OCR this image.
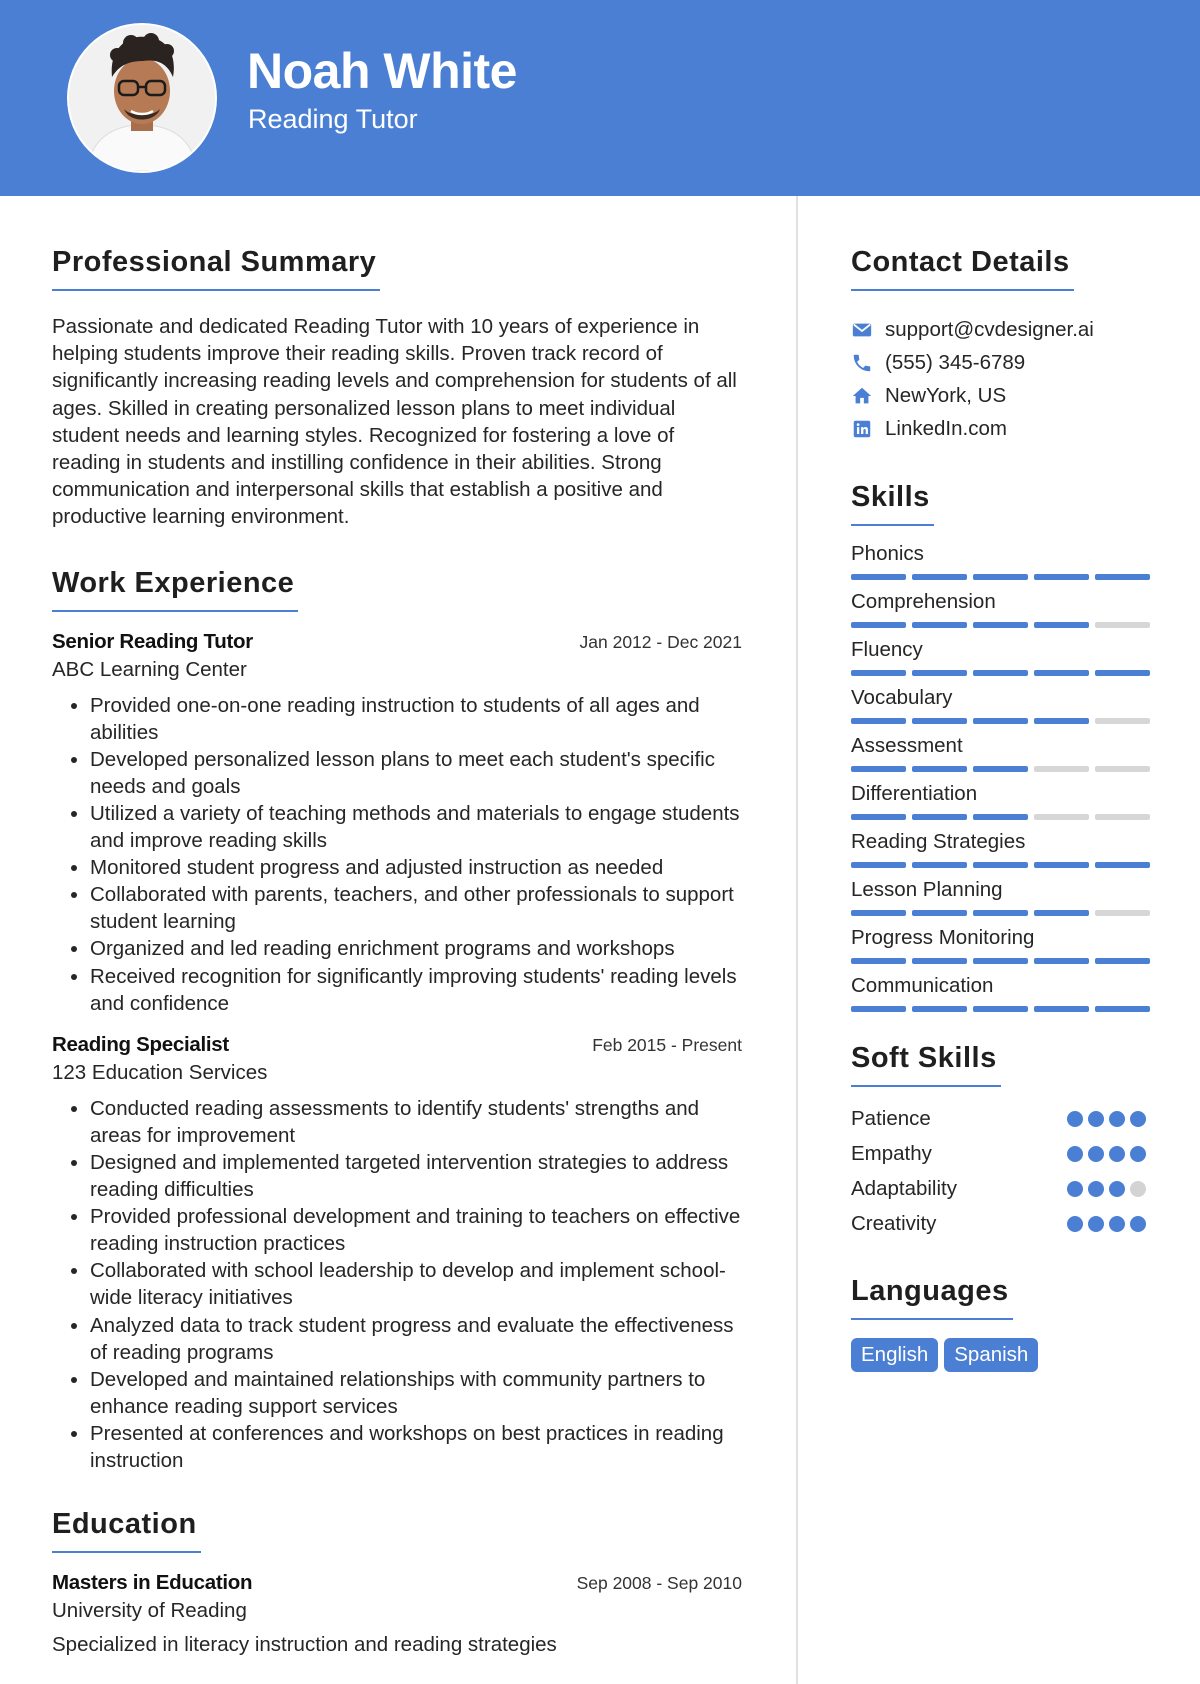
Noah White
Reading Tutor
Professional Summary

Passionate and dedicated Reading Tutor with 10 years of experience in helping students improve their reading skills. Proven track record of significantly increasing reading levels and comprehension for students of all ages. Skilled in creating personalized lesson plans to meet individual student needs and learning styles. Recognized for fostering a love of reading in students and instilling confidence in their abilities. Strong communication and interpersonal skills that establish a positive and productive learning environment.

Work Experience
Senior Reading Tutor	Jan 2012 - Dec 2021
ABC Learning Center
• Provided one-on-one reading instruction to students of all ages and abilities
• Developed personalized lesson plans to meet each student's specific needs and goals
• Utilized a variety of teaching methods and materials to engage students and improve reading skills
• Monitored student progress and adjusted instruction as needed
• Collaborated with parents, teachers, and other professionals to support student learning
• Organized and led reading enrichment programs and workshops
• Received recognition for significantly improving students' reading levels and confidence
Reading Specialist	Feb 2015 - Present
123 Education Services
• Conducted reading assessments to identify students' strengths and areas for improvement
• Designed and implemented targeted intervention strategies to address reading difficulties
• Provided professional development and training to teachers on effective reading instruction practices
• Collaborated with school leadership to develop and implement school-wide literacy initiatives
• Analyzed data to track student progress and evaluate the effectiveness of reading programs
• Developed and maintained relationships with community partners to enhance reading support services
• Presented at conferences and workshops on best practices in reading instruction
Education
Masters in Education	Sep 2008 - Sep 2010
University of Reading
Specialized in literacy instruction and reading strategies
Contact Details
support@cvdesigner.ai
(555) 345-6789
NewYork, US
LinkedIn.com
Skills
Phonics
Comprehension
Fluency
Vocabulary
Assessment
Differentiation
Reading Strategies
Lesson Planning
Progress Monitoring
Communication
Soft Skills
Patience
Empathy
Adaptability
Creativity
Languages
English	Spanish
